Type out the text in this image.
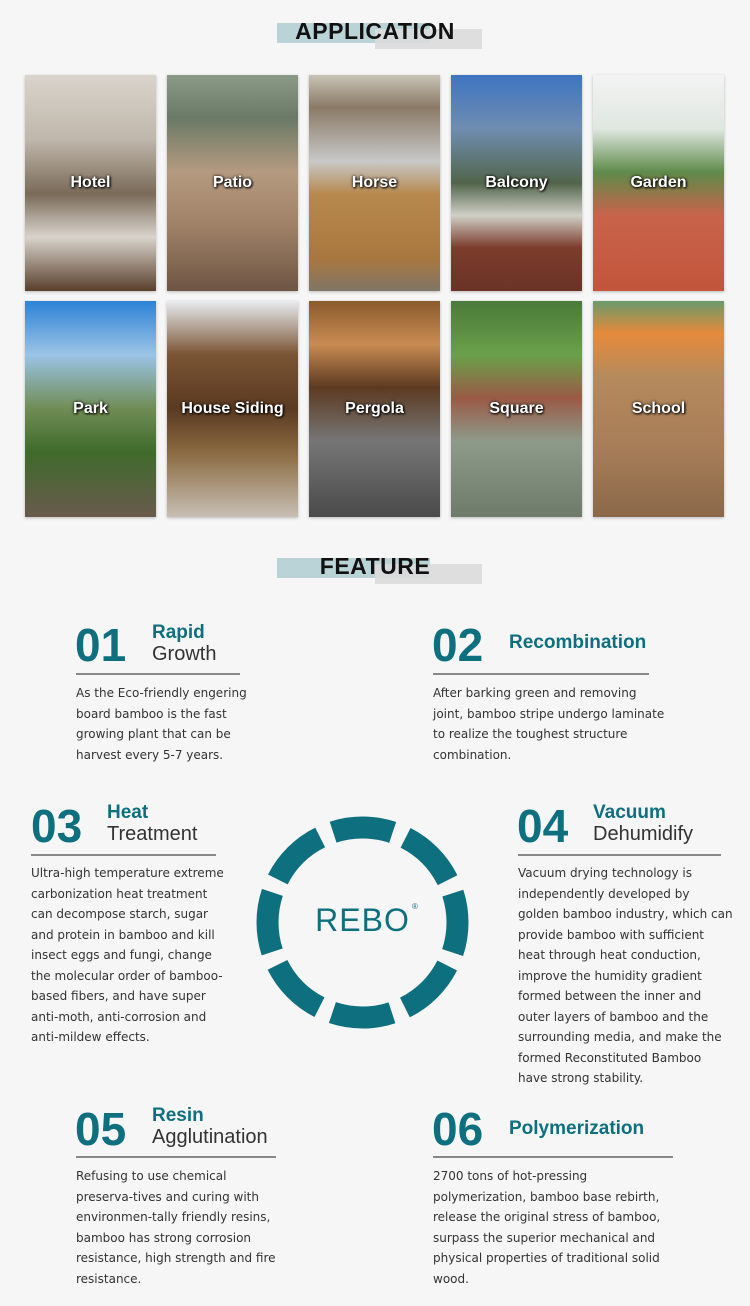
APPLICATION
Hotel	Patio	Horse	Balcony	Garden
Park	House Siding	Pergola	Square	School
FEATURE
01 Rapid
Growth
As the Eco-friendly engering board bamboo is the fast growing plant that can be harvest every 5-7 years.
02 Recombination
After barking green and removing joint, bamboo stripe undergo laminate to realize the toughest structure combination.
03 Heat
Treatment
Ultra-high temperature extreme carbonization heat treatment can decompose starch, sugar and protein in bamboo and kill insect eggs and fungi, change the molecular order of bamboo-based fibers, and have super anti-moth, anti-corrosion and anti-mildew effects.
REBO ®
04 Vacuum
Dehumidify
Vacuum drying technology is independently developed by golden bamboo industry, which can provide bamboo with sufficient heat through heat conduction, improve the humidity gradient formed between the inner and outer layers of bamboo and the surrounding media, and make the formed Reconstituted Bamboo have strong stability.
05 Resin
Agglutination
Refusing to use chemical preserva-tives and curing with environmen-tally friendly resins, bamboo has strong corrosion resistance, high strength and fire resistance.
06 Polymerization
2700 tons of hot-pressing polymerization, bamboo base rebirth, release the original stress of bamboo, surpass the superior mechanical and physical properties of traditional solid wood.
